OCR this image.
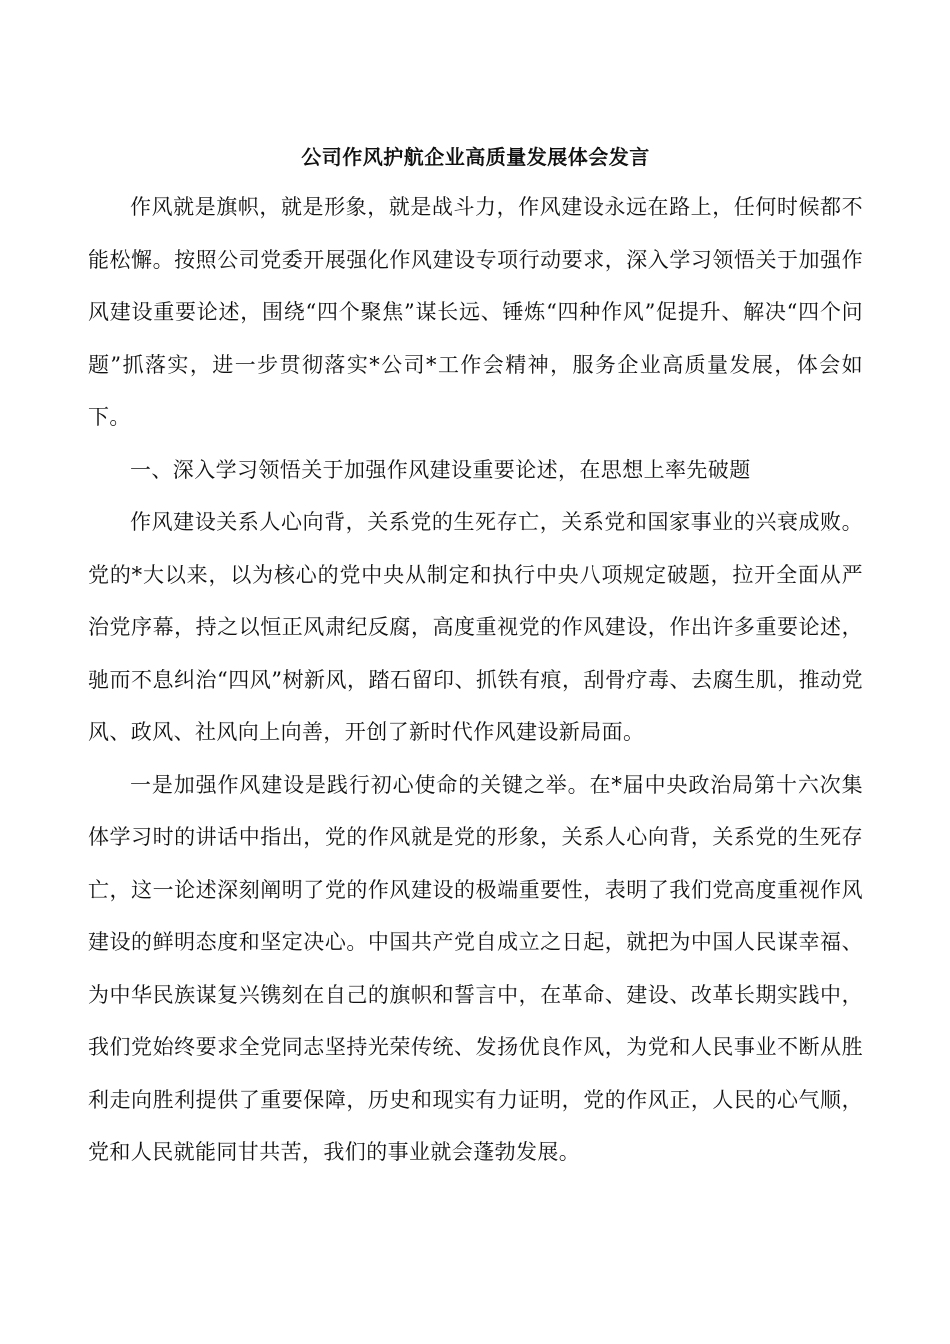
公司作风护航企业高质量发展体会发言

作风就是旗帜，就是形象，就是战斗力，作风建设永远在路上，任何时候都不能松懈。按照公司党委开展强化作风建设专项行动要求，深入学习领悟关于加强作风建设重要论述，围绕“四个聚焦”谋长远、锤炼“四种作风”促提升、解决“四个问题”抓落实，进一步贯彻落实*公司*工作会精神，服务企业高质量发展，体会如下。

一、深入学习领悟关于加强作风建设重要论述，在思想上率先破题

作风建设关系人心向背，关系党的生死存亡，关系党和国家事业的兴衰成败。党的*大以来，以为核心的党中央从制定和执行中央八项规定破题，拉开全面从严治党序幕，持之以恒正风肃纪反腐，高度重视党的作风建设，作出许多重要论述，驰而不息纠治“四风”树新风，踏石留印、抓铁有痕，刮骨疗毒、去腐生肌，推动党风、政风、社风向上向善，开创了新时代作风建设新局面。

一是加强作风建设是践行初心使命的关键之举。在*届中央政治局第十六次集体学习时的讲话中指出，党的作风就是党的形象，关系人心向背，关系党的生死存亡，这一论述深刻阐明了党的作风建设的极端重要性，表明了我们党高度重视作风建设的鲜明态度和坚定决心。中国共产党自成立之日起，就把为中国人民谋幸福、为中华民族谋复兴镌刻在自己的旗帜和誓言中，在革命、建设、改革长期实践中，我们党始终要求全党同志坚持光荣传统、发扬优良作风，为党和人民事业不断从胜利走向胜利提供了重要保障，历史和现实有力证明，党的作风正，人民的心气顺，党和人民就能同甘共苦，我们的事业就会蓬勃发展。
